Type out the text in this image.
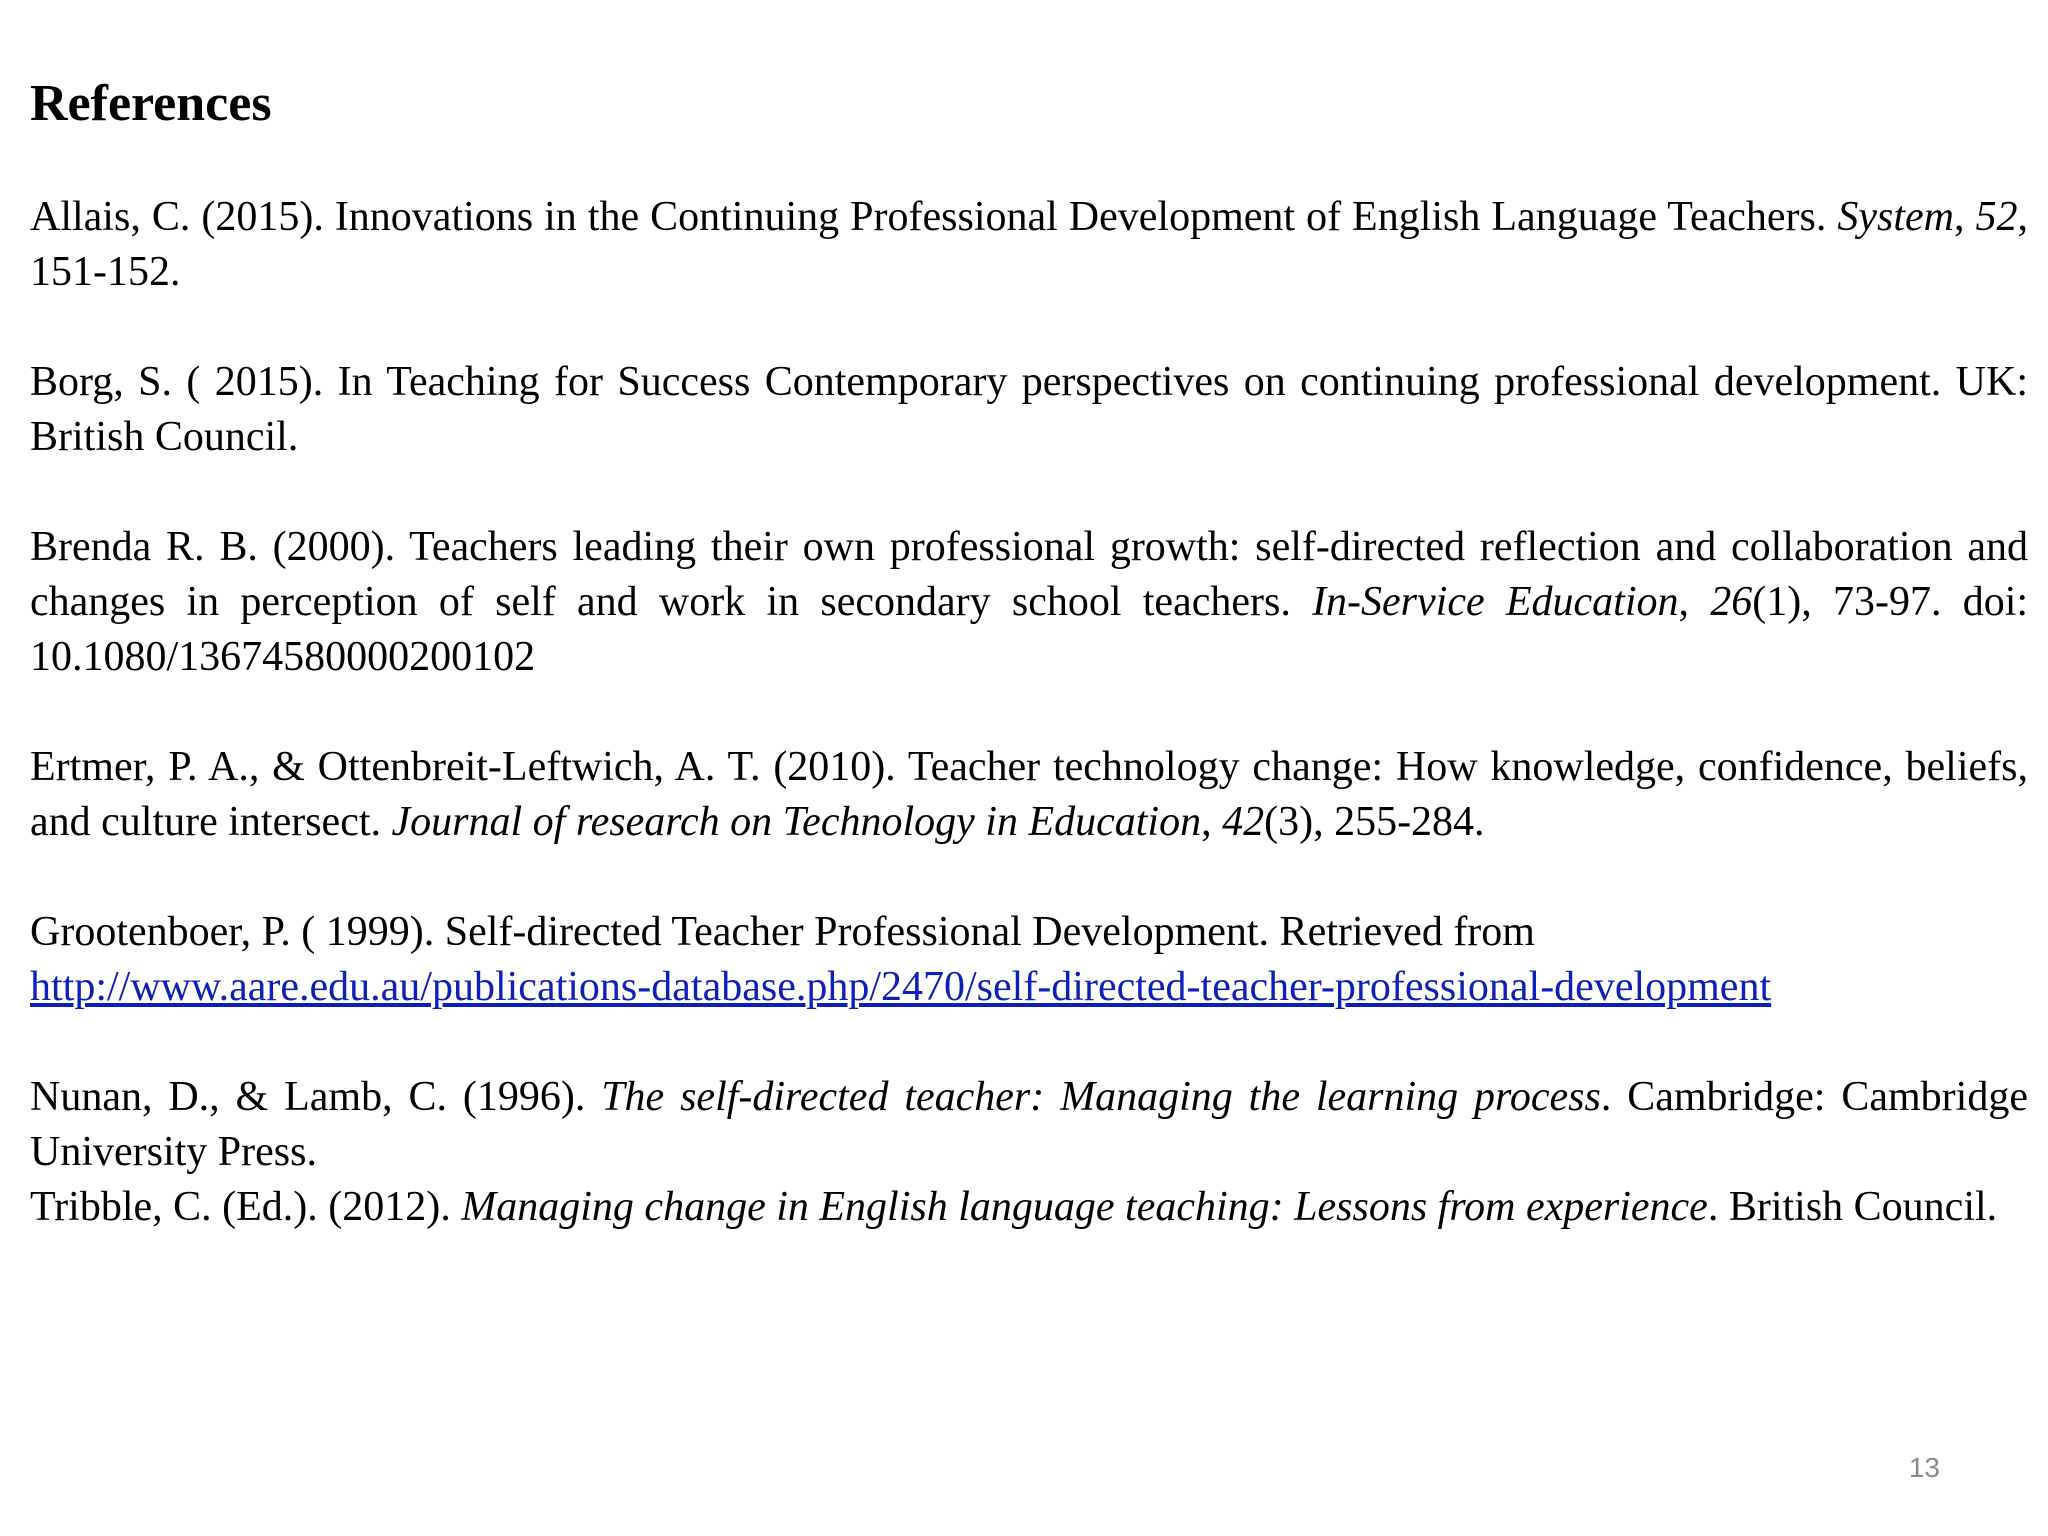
References

Allais, C. (2015). Innovations in the Continuing Professional Development of English Language Teachers. System, 52, 151-152.

Borg, S. ( 2015). In Teaching for Success Contemporary perspectives on continuing professional development. UK: British Council.

Brenda R. B. (2000). Teachers leading their own professional growth: self-directed reflection and collaboration and changes in perception of self and work in secondary school teachers. In-Service Education, 26(1), 73-97. doi: 10.1080/13674580000200102

Ertmer, P. A., & Ottenbreit-Leftwich, A. T. (2010). Teacher technology change: How knowledge, confidence, beliefs, and culture intersect. Journal of research on Technology in Education, 42(3), 255-284.

Grootenboer, P. ( 1999). Self-directed Teacher Professional Development. Retrieved from
http://www.aare.edu.au/publications-database.php/2470/self-directed-teacher-professional-development

Nunan, D., & Lamb, C. (1996). The self-directed teacher: Managing the learning process. Cambridge: Cambridge University Press.

Tribble, C. (Ed.). (2012). Managing change in English language teaching: Lessons from experience. British Council.

13
